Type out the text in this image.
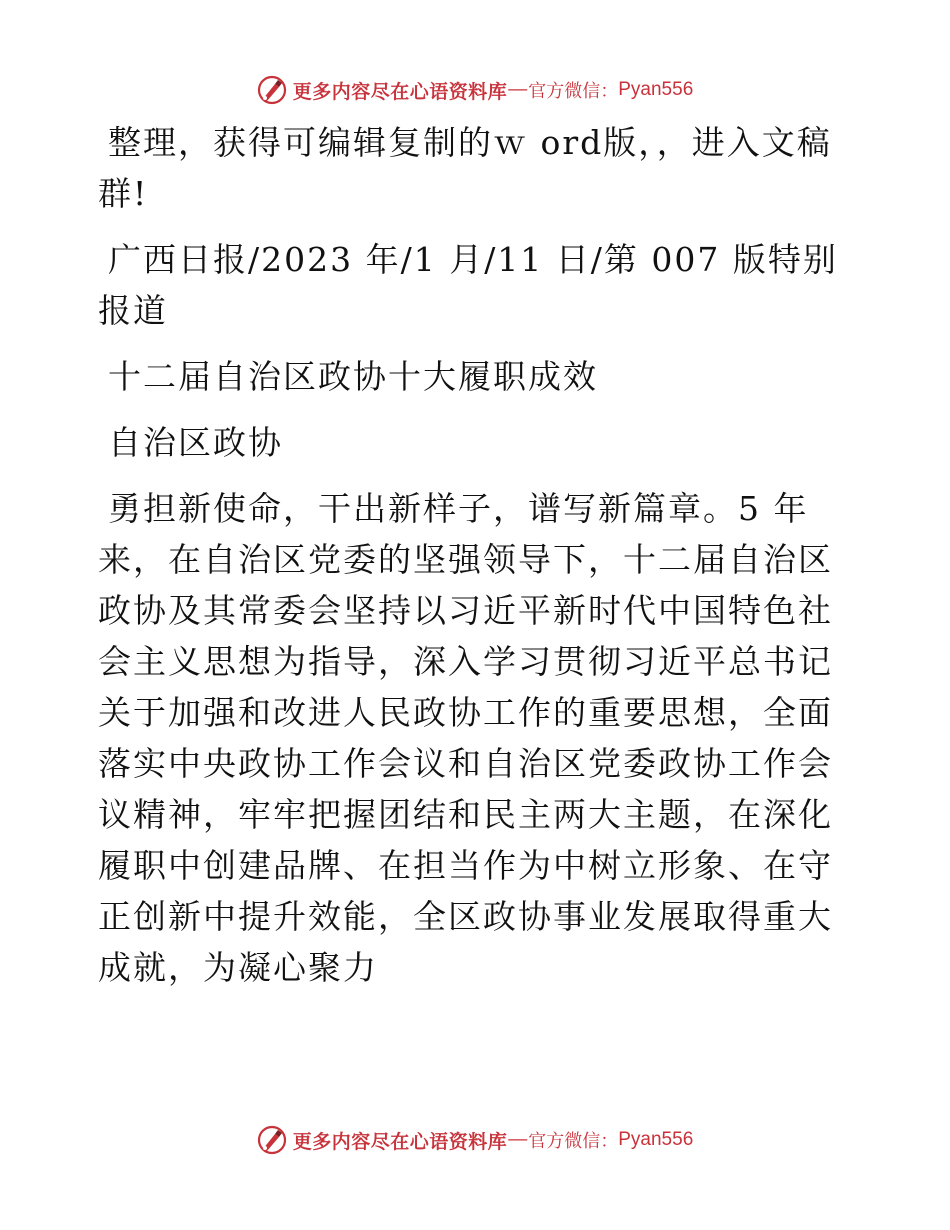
更多内容尽在心语资料库 — 官方微信： Pyan556

整理，获得可编辑复制的ｗ ord版，，进入文稿群!

广西日报/2023 年/1 月/11 日/第 007 版特别报道

十二届自治区政协十大履职成效

自治区政协

勇担新使命，干出新样子，谱写新篇章。5 年来，在自治区党委的坚强领导下，十二届自治区政协及其常委会坚持以习近平新时代中国特色社会主义思想为指导，深入学习贯彻习近平总书记关于加强和改进人民政协工作的重要思想，全面落实中央政协工作会议和自治区党委政协工作会议精神，牢牢把握团结和民主两大主题，在深化履职中创建品牌、在担当作为中树立形象、在守正创新中提升效能，全区政协事业发展取得重大成就，为凝心聚力

更多内容尽在心语资料库 — 官方微信： Pyan556
